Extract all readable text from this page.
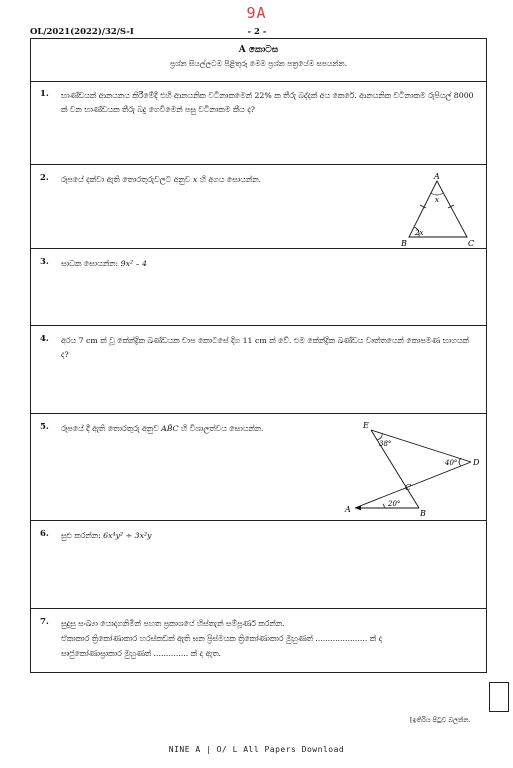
9A
OL/2021(2022)/32/S-I	- 2 -
A කොටස
ප්‍රශ්න සියල්ලටම පිළිතුරු මෙම ප්‍රශ්න පත්‍රයේම සපයන්න.
1. භාණ්ඩයක් ආනයනය කිරීමේදී එහි ආනයනික වටිනාකමෙන් 22% ක තීරු බද්දක් අය කෙරේ. ආනයනික වටිනාකම රුපියල් 8000 ක් වන භාණ්ඩයක තීරු බදු ගෙවීමෙන් පසු වටිනාකම කීය ද?
2. රූපයේ දක්වා ඇති තොරතුරුවලට අනුව x හි අගය සොයන්න.	A
B	C
x
2x
3. සාධක සොයන්න: 9x² – 4
4. අරය 7 cm ක් වූ කේන්ද්‍රික ඛණ්ඩයක චාප කොටසේ දිග 11 cm ක් වේ. එම කේන්ද්‍රික ඛණ්ඩය වෘත්තයෙන් කොපමණ භාගයක් ද?
5. රූපයේ දී ඇති තොරතුරු අනුව AB̂C හි විශාලත්වය සොයන්න.	E
D
C
A	B
38°
40°
20°
6. සුළු කරන්න: 6x⁴y² ÷ 3x²y
7. සුදුසු සංඛ්‍යා යොදාගනිමින් පහත ප්‍රකාශයේ හිස්තැන් සම්පූර්ණ කරන්න.
ඒකාකාර ත්‍රිකෝණාකාර හරස්කඩක් ඇති ඝන ප්‍රිස්මයක ත්‍රිකෝණාකාර මුහුණත් ..................... ක් ද
සෘජුකෝණාස්‍රාකාර මුහුණත් .............. ක් ද ඇත.
[ඉතිරිය පිටුව බලන්න.
NINE A | O/ L All Papers Download
